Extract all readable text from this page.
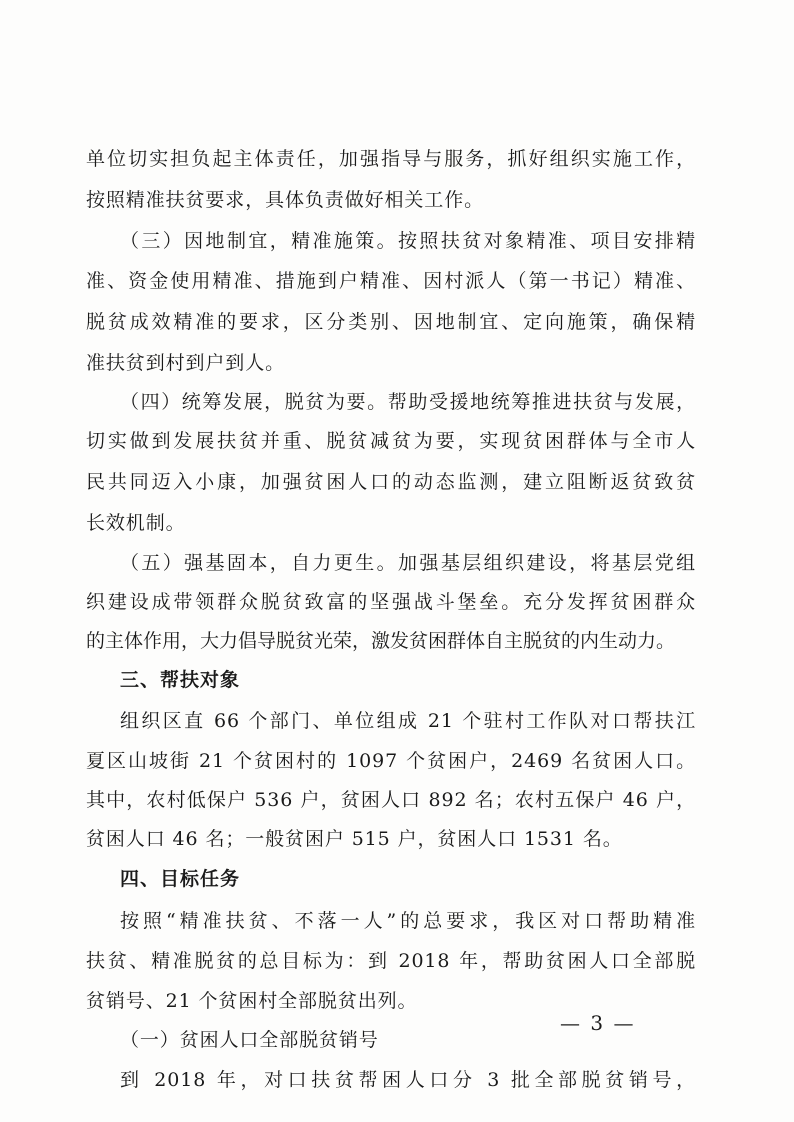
单位切实担负起主体责任，加强指导与服务，抓好组织实施工作，
按照精准扶贫要求，具体负责做好相关工作。
（三）因地制宜，精准施策。按照扶贫对象精准、项目安排精
准、资金使用精准、措施到户精准、因村派人（第一书记）精准、
脱贫成效精准的要求，区分类别、因地制宜、定向施策，确保精
准扶贫到村到户到人。
（四）统筹发展，脱贫为要。帮助受援地统筹推进扶贫与发展，
切实做到发展扶贫并重、脱贫减贫为要，实现贫困群体与全市人
民共同迈入小康，加强贫困人口的动态监测，建立阻断返贫致贫
长效机制。
（五）强基固本，自力更生。加强基层组织建设，将基层党组
织建设成带领群众脱贫致富的坚强战斗堡垒。充分发挥贫困群众
的主体作用，大力倡导脱贫光荣，激发贫困群体自主脱贫的内生动力。
三、帮扶对象
组织区直 66 个部门、单位组成 21 个驻村工作队对口帮扶江
夏区山坡街 21 个贫困村的 1097 个贫困户，2469 名贫困人口。
其中，农村低保户 536 户，贫困人口 892 名；农村五保户 46 户，
贫困人口 46 名；一般贫困户 515 户，贫困人口 1531 名。
四、目标任务
按照“精准扶贫、不落一人”的总要求，我区对口帮助精准
扶贫、精准脱贫的总目标为：到 2018 年，帮助贫困人口全部脱
贫销号、21 个贫困村全部脱贫出列。
（一）贫困人口全部脱贫销号
到 2018 年，对口扶贫帮困人口分 3 批全部脱贫销号，
— 3 —
